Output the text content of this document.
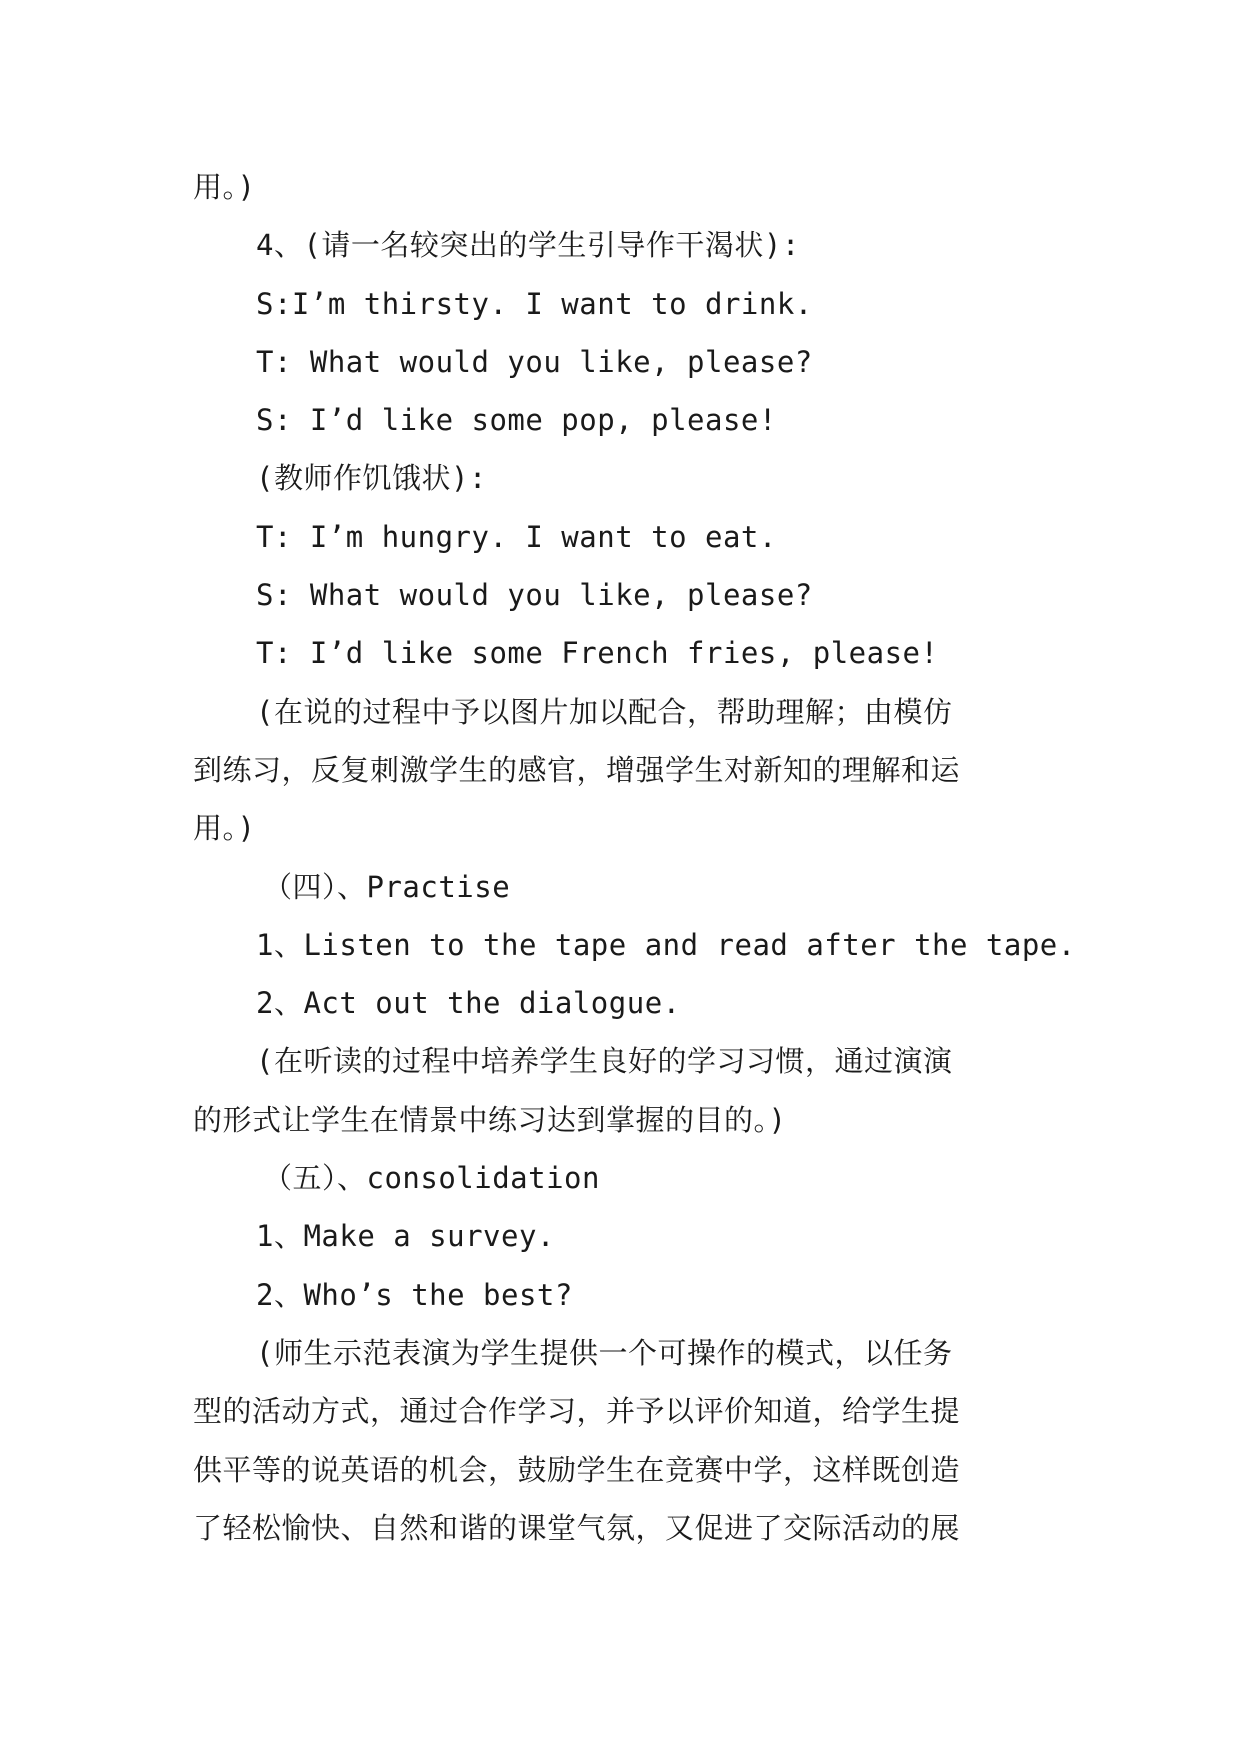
用。)
4、(请一名较突出的学生引导作干渴状):
S:I’m thirsty. I want to drink.
T: What would you like, please?
S: I’d like some pop, please!
(教师作饥饿状):
T: I’m hungry. I want to eat.
S: What would you like, please?
T: I’d like some French fries, please!
(在说的过程中予以图片加以配合，帮助理解；由模仿
到练习，反复刺激学生的感官，增强学生对新知的理解和运
用。)
（四）、Practise
1、Listen to the tape and read after the tape.
2、Act out the dialogue.
(在听读的过程中培养学生良好的学习习惯，通过演演
的形式让学生在情景中练习达到掌握的目的。)
（五）、consolidation
1、Make a survey.
2、Who’s the best?
(师生示范表演为学生提供一个可操作的模式，以任务
型的活动方式，通过合作学习，并予以评价知道，给学生提
供平等的说英语的机会，鼓励学生在竞赛中学，这样既创造
了轻松愉快、自然和谐的课堂气氛，又促进了交际活动的展
